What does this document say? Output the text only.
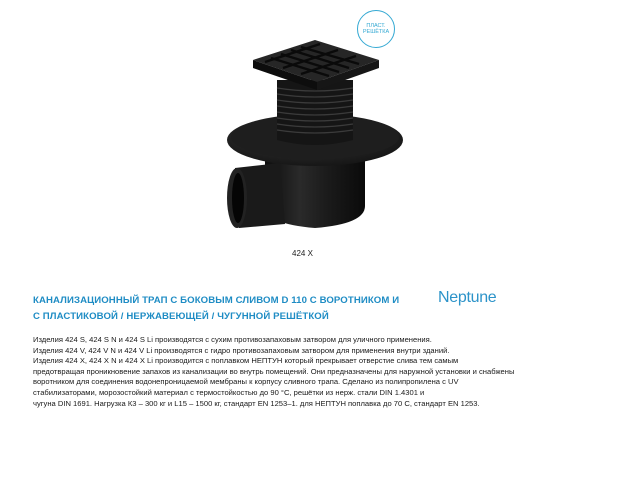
ПЛАСТ.
РЕШЁТКА
424 X
КАНАЛИЗАЦИОННЫЙ ТРАП С БОКОВЫМ СЛИВОМ D 110 С ВОРОТНИКОМ И
С ПЛАСТИКОВОЙ / НЕРЖАВЕЮЩЕЙ / ЧУГУННОЙ РЕШЁТКОЙ
Neptune

Изделия 424 S, 424 S N и 424 S Li производятся с сухим противозапаховым затвором для уличного применения.

Изделия 424 V, 424 V N и 424 V Li производятся с гидро противозапаховым затвором для применения внутри зданий.

Изделия 424 X, 424 X N и 424 X Li производится с поплавком НЕПТУН который прекрывает отверстие слива тем самым

предотвращая проникновение запахов из канализации во внутрь помещений. Они предназначены для наружной установки и снабжены

воротником для соединения водонепроницаемой мембраны к корпусу сливного трапа. Сделано из полипропилена с UV

стабилизаторами, морозостойкий материал с термостойкостью до 90 °С, решётки из нерж. стали DIN 1.4301 и

чугуна DIN 1691. Нагрузка К3 – 300 кг и L15 – 1500 кг, стандарт EN 1253–1. для НЕПТУН поплавка до 70 С, стандарт EN 1253.
